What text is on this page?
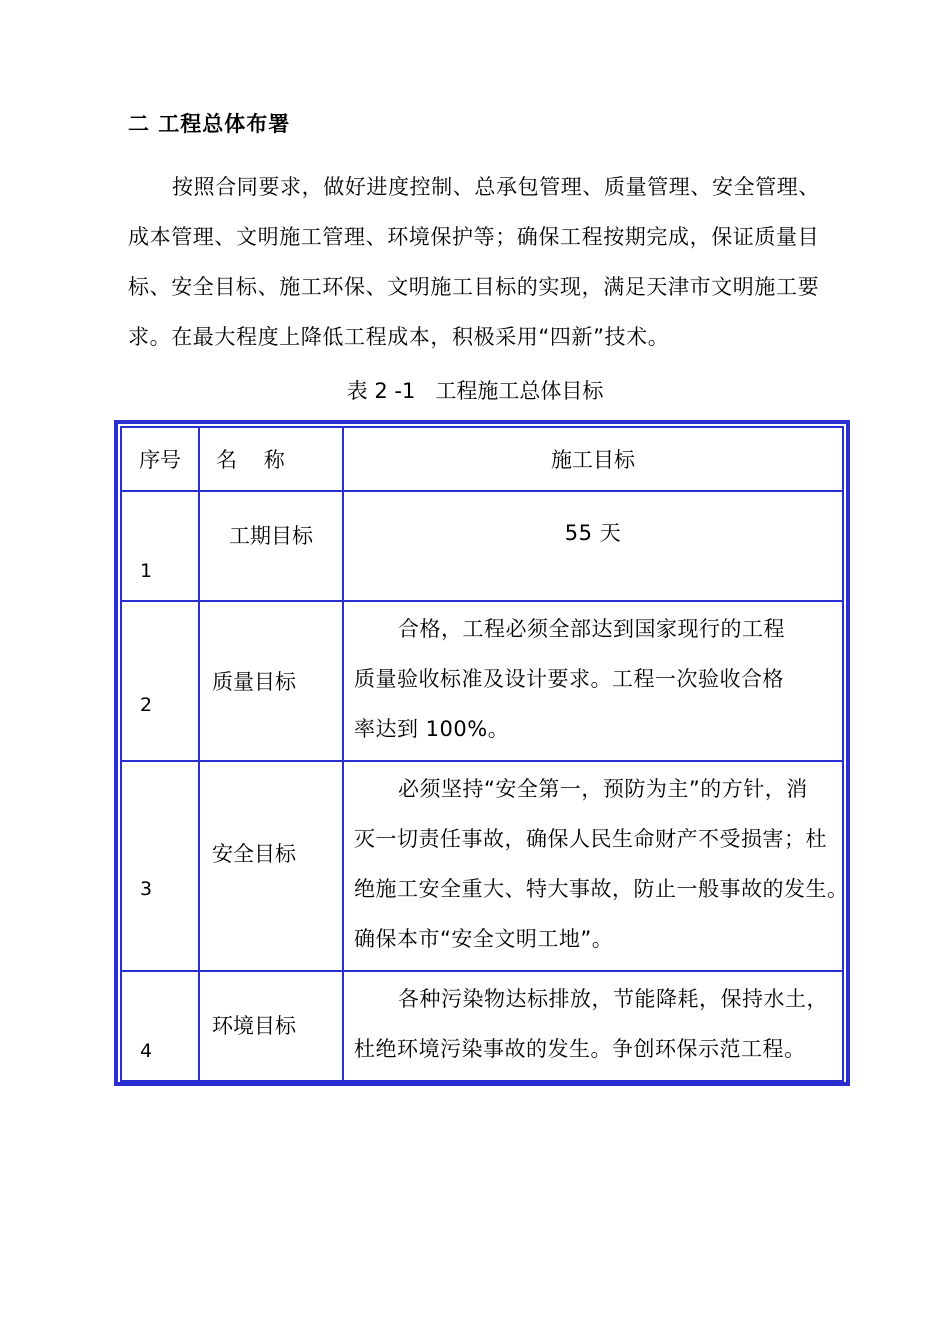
二 工程总体布署
按照合同要求，做好进度控制、总承包管理、质量管理、安全管理、
成本管理、文明施工管理、环境保护等；确保工程按期完成，保证质量目
标、安全目标、施工环保、文明施工目标的实现，满足天津市文明施工要
求。在最大程度上降低工程成本，积极采用“四新”技术。
表 2 -1   工程施工总体目标
序号	名    称	施工目标
1	工期目标	55 天

2	质量目标	合格，工程必须全部达到国家现行的工程
质量验收标准及设计要求。工程一次验收合格
率达到 100%。

3	安全目标	必须坚持“安全第一，预防为主”的方针，消
灭一切责任事故，确保人民生命财产不受损害；杜
绝施工安全重大、特大事故，防止一般事故的发生。
确保本市“安全文明工地”。

4	环境目标	各种污染物达标排放，节能降耗，保持水土，
杜绝环境污染事故的发生。争创环保示范工程。
